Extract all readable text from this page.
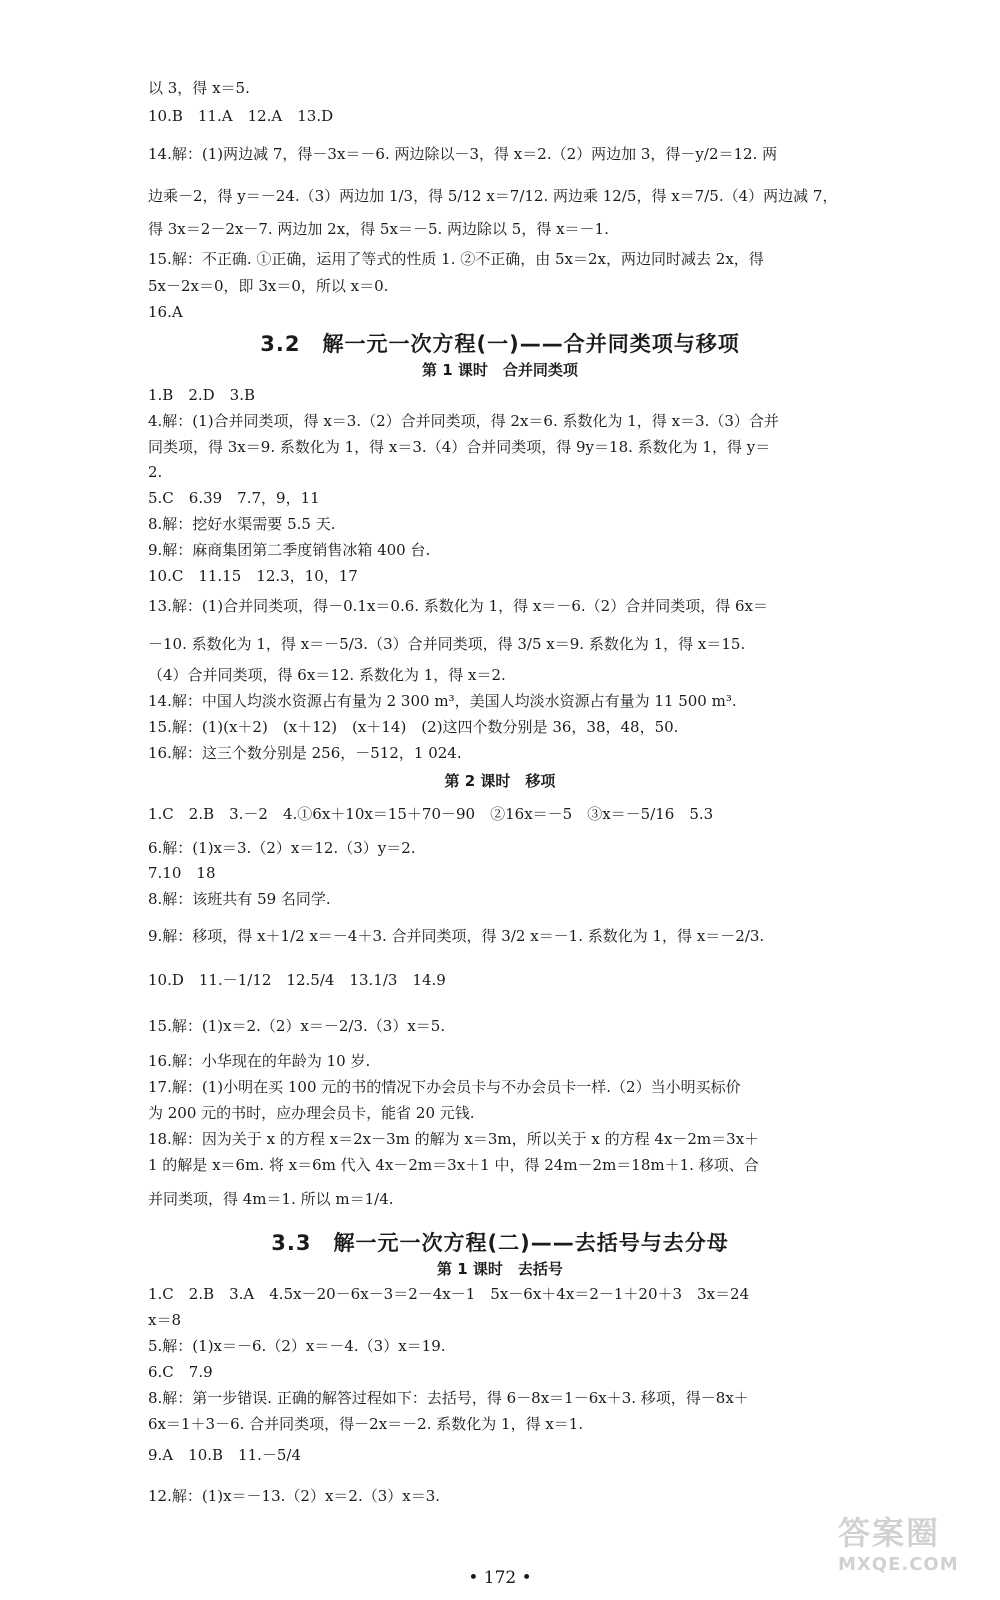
以 3，得 x＝5.
10.B　11.A　12.A　13.D
14.解：(1)两边减 7，得－3x＝－6. 两边除以－3，得 x＝2.（2）两边加 3，得－y/2＝12. 两
边乘－2，得 y＝－24.（3）两边加 1/3，得 5/12 x＝7/12. 两边乘 12/5，得 x＝7/5.（4）两边减 7，
得 3x＝2－2x－7. 两边加 2x，得 5x＝－5. 两边除以 5，得 x＝－1.
15.解：不正确. ①正确，运用了等式的性质 1. ②不正确，由 5x＝2x，两边同时减去 2x，得
5x－2x＝0，即 3x＝0，所以 x＝0.
16.A
3.2　解一元一次方程(一)——合并同类项与移项
第 1 课时　合并同类项
1.B　2.D　3.B
4.解：(1)合并同类项，得 x＝3.（2）合并同类项，得 2x＝6. 系数化为 1，得 x＝3.（3）合并
同类项，得 3x＝9. 系数化为 1，得 x＝3.（4）合并同类项，得 9y＝18. 系数化为 1，得 y＝
2.
5.C　6.39　7.7，9，11
8.解：挖好水渠需要 5.5 天.
9.解：麻商集团第二季度销售冰箱 400 台.
10.C　11.15　12.3，10，17
13.解：(1)合并同类项，得－0.1x＝0.6. 系数化为 1，得 x＝－6.（2）合并同类项，得 6x＝
－10. 系数化为 1，得 x＝－5/3.（3）合并同类项，得 3/5 x＝9. 系数化为 1，得 x＝15.
（4）合并同类项，得 6x＝12. 系数化为 1，得 x＝2.
14.解：中国人均淡水资源占有量为 2 300 m³，美国人均淡水资源占有量为 11 500 m³.
15.解：(1)(x＋2)　(x＋12)　(x＋14)　(2)这四个数分别是 36，38，48，50.
16.解：这三个数分别是 256，－512，1 024.
第 2 课时　移项
1.C　2.B　3.－2　4.①6x＋10x＝15＋70－90　②16x＝－5　③x＝－5/16　5.3
6.解：(1)x＝3.（2）x＝12.（3）y＝2.
7.10　18
8.解：该班共有 59 名同学.
9.解：移项，得 x＋1/2 x＝－4＋3. 合并同类项，得 3/2 x＝－1. 系数化为 1，得 x＝－2/3.
10.D　11.－1/12　12.5/4　13.1/3　14.9
15.解：(1)x＝2.（2）x＝－2/3.（3）x＝5.
16.解：小华现在的年龄为 10 岁.
17.解：(1)小明在买 100 元的书的情况下办会员卡与不办会员卡一样.（2）当小明买标价
为 200 元的书时，应办理会员卡，能省 20 元钱.
18.解：因为关于 x 的方程 x＝2x－3m 的解为 x＝3m，所以关于 x 的方程 4x－2m＝3x＋
1 的解是 x＝6m. 将 x＝6m 代入 4x－2m＝3x＋1 中，得 24m－2m＝18m＋1. 移项、合
并同类项，得 4m＝1. 所以 m＝1/4.
3.3　解一元一次方程(二)——去括号与去分母
第 1 课时　去括号
1.C　2.B　3.A　4.5x－20－6x－3＝2－4x－1　5x－6x＋4x＝2－1＋20＋3　3x＝24
x＝8
5.解：(1)x＝－6.（2）x＝－4.（3）x＝19.
6.C　7.9
8.解：第一步错误. 正确的解答过程如下：去括号，得 6－8x＝1－6x＋3. 移项，得－8x＋
6x＝1＋3－6. 合并同类项，得－2x＝－2. 系数化为 1，得 x＝1.
9.A　10.B　11.－5/4
12.解：(1)x＝－13.（2）x＝2.（3）x＝3.
• 172 •
答案圈
MXQE.COM
